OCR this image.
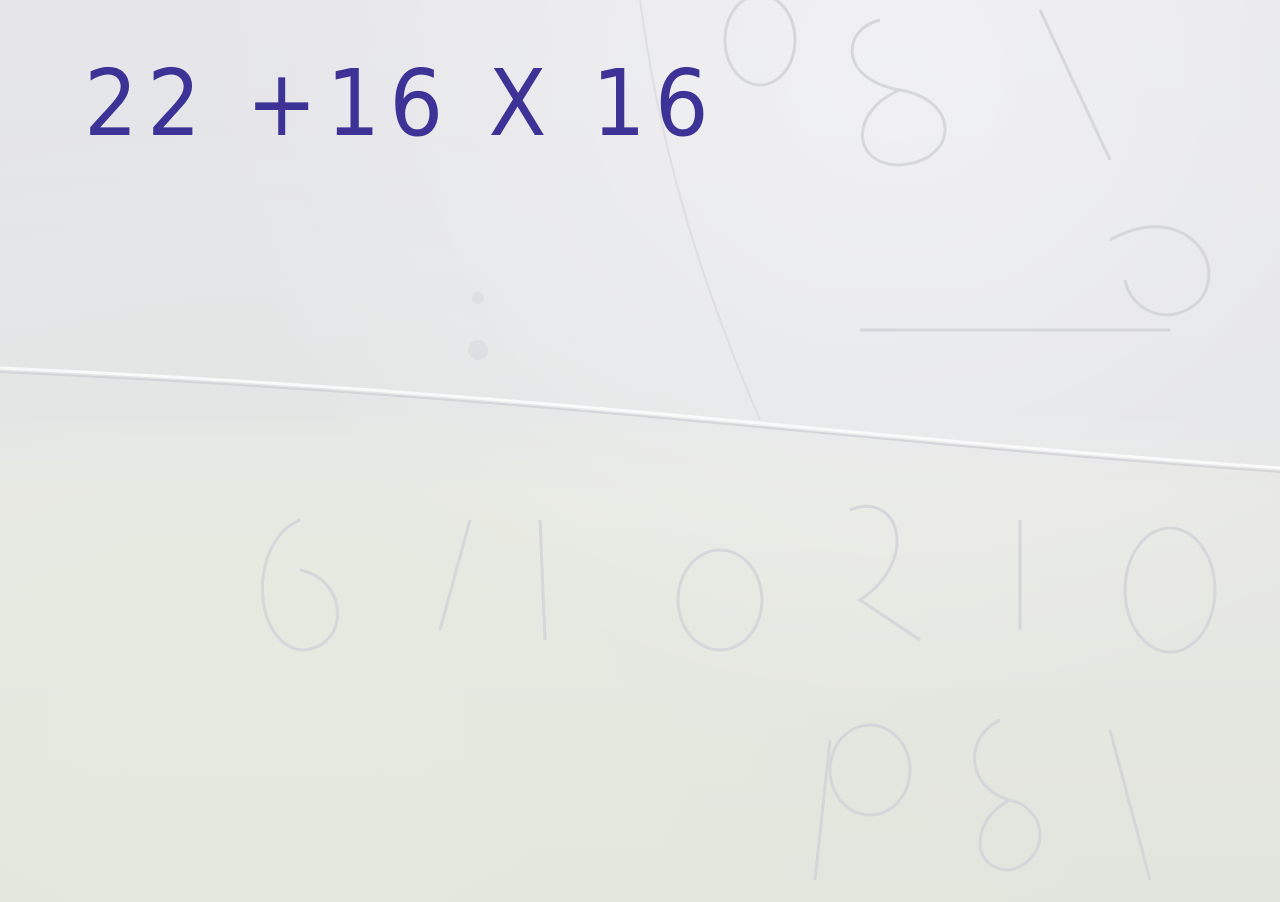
22 +16 X 16
